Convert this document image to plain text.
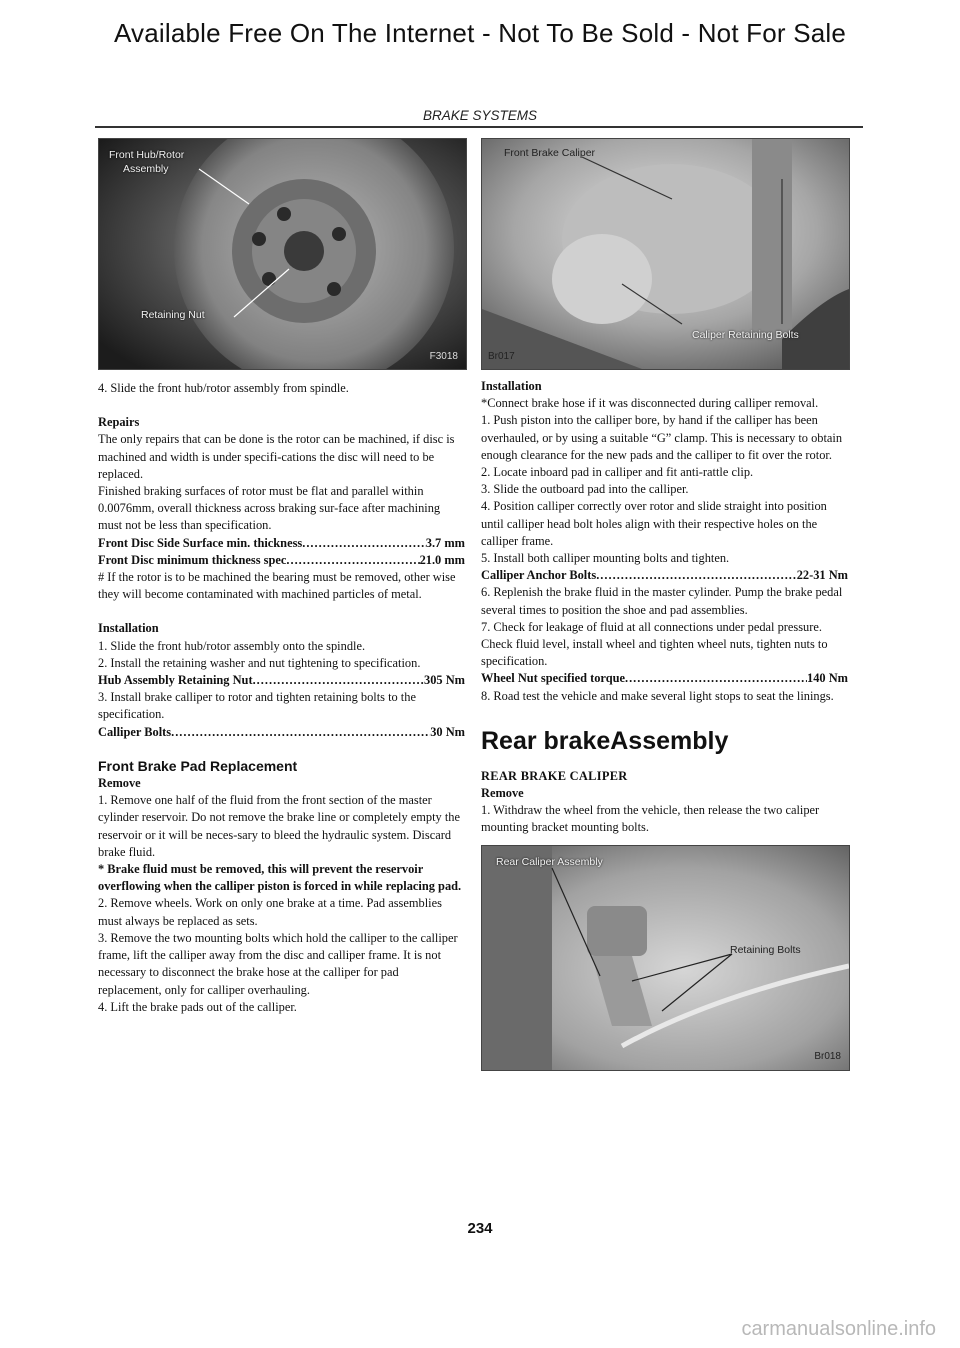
Available Free On The Internet - Not To Be Sold - Not For Sale
BRAKE SYSTEMS
Front Hub/Rotor
Assembly
Retaining Nut
F3018

4. Slide the front hub/rotor assembly from spindle.

Repairs

The only repairs that can be done is the rotor can be machined, if disc is machined and width is under specifi-cations the disc will need to be replaced.

Finished braking surfaces of rotor must be flat and parallel within 0.0076mm, overall thickness across braking sur-face after machining must not be less than specification.

Front Disc Side Surface min. thickness .....	3.7 mm
Front Disc minimum thickness spec .....	21.0 mm

# If the rotor is to be machined the bearing must be removed, other wise they will become contaminated with machined particles of metal.

Installation

1. Slide the front hub/rotor assembly onto the spindle.

2. Install the retaining washer and nut tightening to specification.

Hub Assembly Retaining Nut .....	305 Nm

3. Install brake calliper to rotor and tighten retaining bolts to the specification.

Calliper Bolts .....	30 Nm

Front Brake Pad Replacement

Remove

1. Remove one half of the fluid from the front section of the master cylinder reservoir. Do not remove the brake line or completely empty the reservoir or it will be neces-sary to bleed the hydraulic system. Discard brake fluid.

* Brake fluid must be removed, this will prevent the reservoir overflowing when the calliper piston is forced in while replacing pad.

2. Remove wheels. Work on only one brake at a time. Pad assemblies must always be replaced as sets.

3. Remove the two mounting bolts which hold the calliper to the calliper frame, lift the calliper away from the disc and calliper frame. It is not necessary to disconnect the brake hose at the calliper for pad replacement, only for calliper overhauling.

4. Lift the brake pads out of the calliper.

Front Brake Caliper
Caliper Retaining Bolts
Br017

Installation

*Connect brake hose if it was disconnected during calliper removal.

1. Push piston into the calliper bore, by hand if the calliper has been overhauled, or by using a suitable “G” clamp. This is necessary to obtain enough clearance for the new pads and the calliper to fit over the rotor.

2. Locate inboard pad in calliper and fit anti-rattle clip.

3. Slide the outboard pad into the calliper.

4. Position calliper correctly over rotor and slide straight into position until calliper head bolt holes align with their respective holes on the calliper frame.

5. Install both calliper mounting bolts and tighten.

Calliper Anchor Bolts .....	22-31 Nm

6. Replenish the brake fluid in the master cylinder. Pump the brake pedal several times to position the shoe and pad assemblies.

7. Check for leakage of fluid at all connections under pedal pressure. Check fluid level, install wheel and tighten wheel nuts, tighten nuts to specification.

Wheel Nut specified torque .....	140 Nm

8. Road test the vehicle and make several light stops to seat the linings.

Rear brakeAssembly

REAR BRAKE CALIPER

Remove

1. Withdraw the wheel from the vehicle, then release the two caliper mounting bracket mounting bolts.

Rear Caliper Assembly
Retaining Bolts
Br018
234
carmanualsonline.info
